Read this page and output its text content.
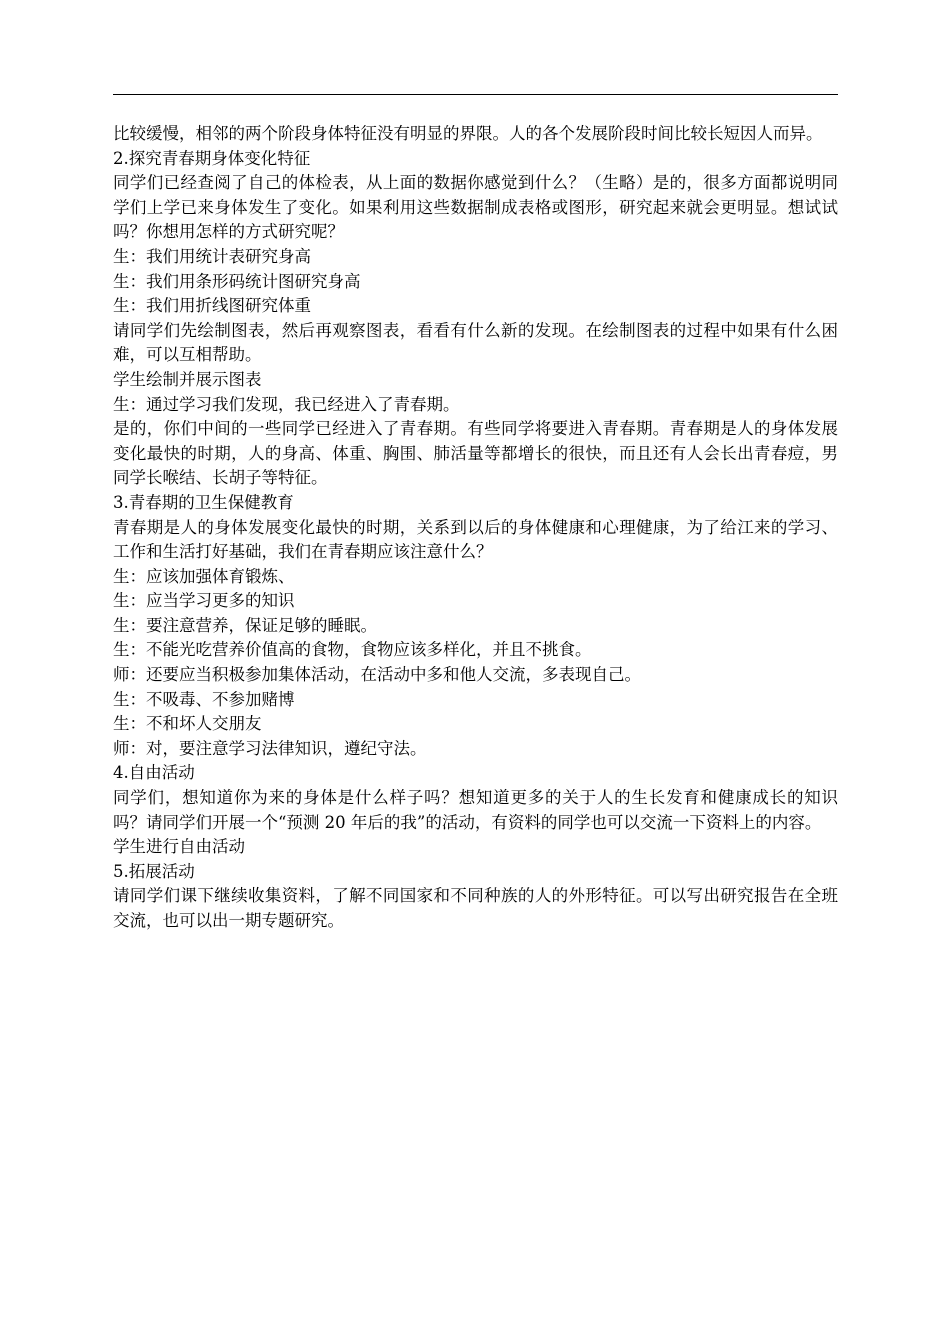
比较缓慢，相邻的两个阶段身体特征没有明显的界限。人的各个发展阶段时间比较长短因人而异。

2.探究青春期身体变化特征

同学们已经查阅了自己的体检表，从上面的数据你感觉到什么？（生略）是的，很多方面都说明同学们上学已来身体发生了变化。如果利用这些数据制成表格或图形，研究起来就会更明显。想试试吗？你想用怎样的方式研究呢？

生：我们用统计表研究身高

生：我们用条形码统计图研究身高

生：我们用折线图研究体重

请同学们先绘制图表，然后再观察图表，看看有什么新的发现。在绘制图表的过程中如果有什么困难，可以互相帮助。

学生绘制并展示图表

生：通过学习我们发现，我已经进入了青春期。

是的，你们中间的一些同学已经进入了青春期。有些同学将要进入青春期。青春期是人的身体发展变化最快的时期，人的身高、体重、胸围、肺活量等都增长的很快，而且还有人会长出青春痘，男同学长喉结、长胡子等特征。

3.青春期的卫生保健教育

青春期是人的身体发展变化最快的时期，关系到以后的身体健康和心理健康，为了给江来的学习、工作和生活打好基础，我们在青春期应该注意什么？

生：应该加强体育锻炼、

生：应当学习更多的知识

生：要注意营养，保证足够的睡眠。

生：不能光吃营养价值高的食物，食物应该多样化，并且不挑食。

师：还要应当积极参加集体活动，在活动中多和他人交流，多表现自己。

生：不吸毒、不参加赌博

生：不和坏人交朋友

师：对，要注意学习法律知识，遵纪守法。

4.自由活动

同学们，想知道你为来的身体是什么样子吗？想知道更多的关于人的生长发育和健康成长的知识吗？请同学们开展一个“预测 20 年后的我”的活动，有资料的同学也可以交流一下资料上的内容。

学生进行自由活动

5.拓展活动

请同学们课下继续收集资料，了解不同国家和不同种族的人的外形特征。可以写出研究报告在全班交流，也可以出一期专题研究。
